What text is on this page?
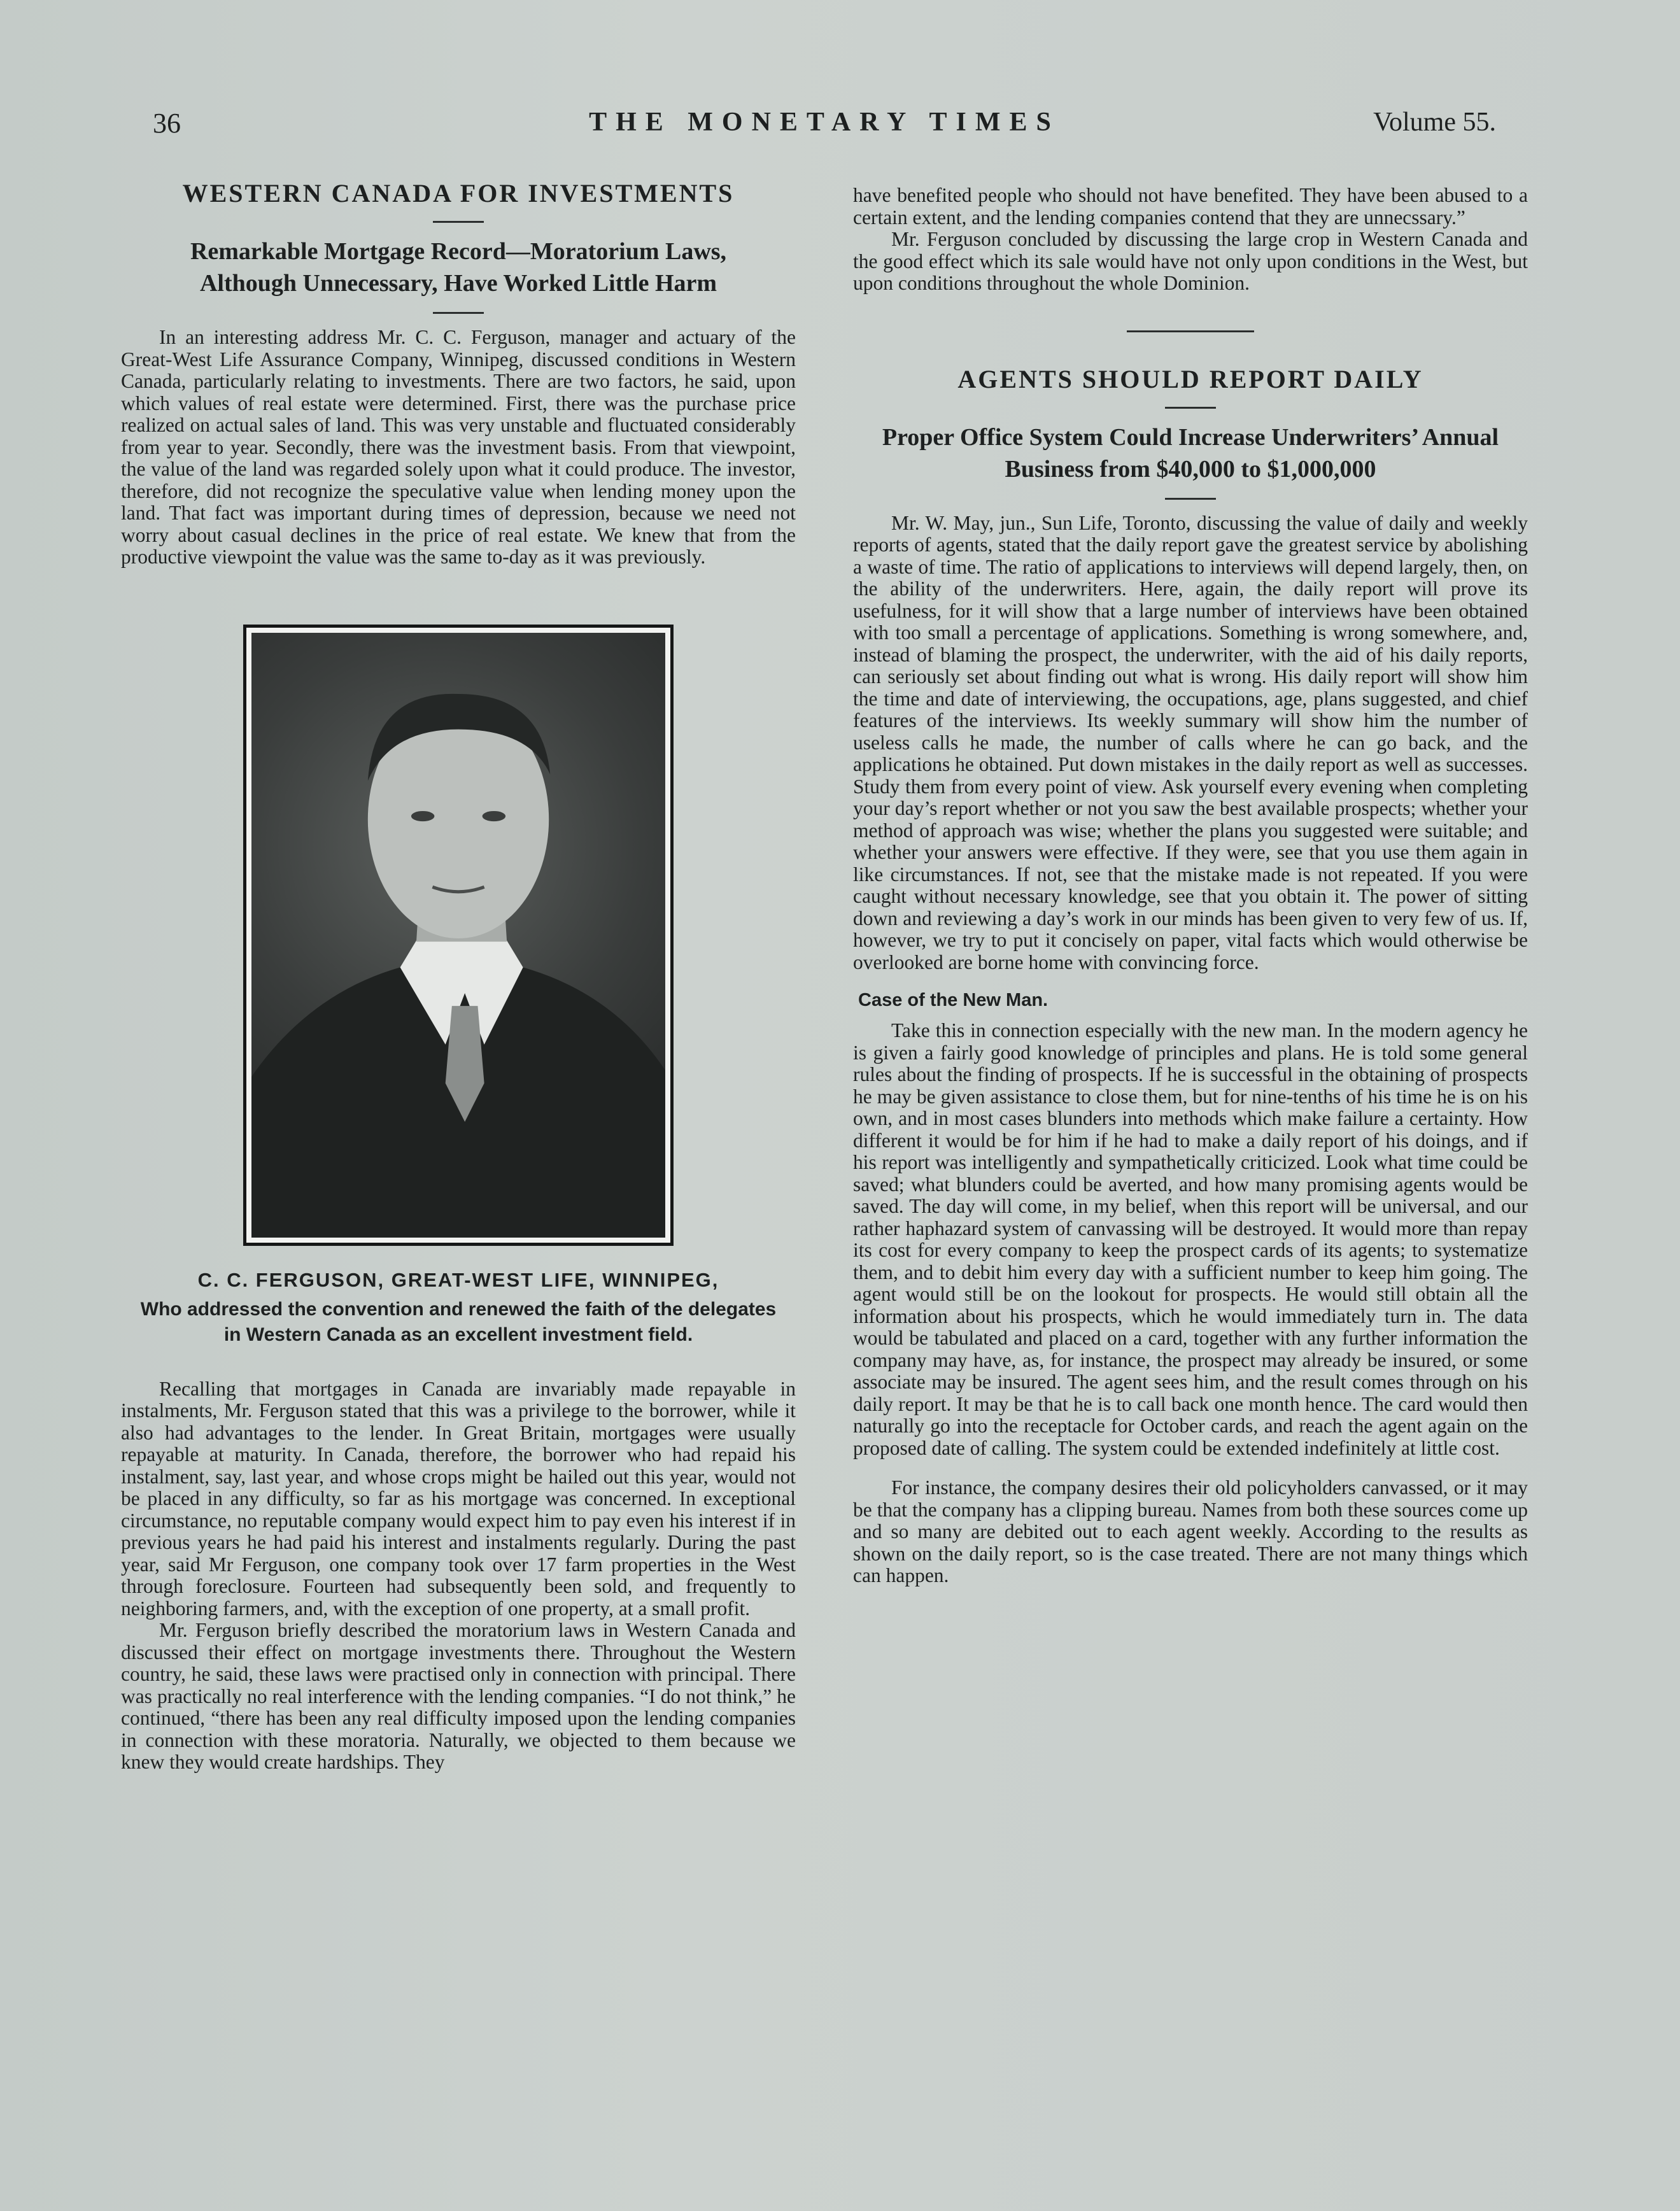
THE MONETARY TIMES
36	Volume 55.
WESTERN CANADA FOR INVESTMENTS
Remarkable Mortgage Record—Moratorium Laws, Although Unnecessary, Have Worked Little Harm

In an interesting address Mr. C. C. Ferguson, manager and actuary of the Great-West Life Assurance Company, Winnipeg, discussed conditions in Western Canada, particularly relating to investments. There are two factors, he said, upon which values of real estate were determined. First, there was the purchase price realized on actual sales of land. This was very unstable and fluctuated considerably from year to year. Secondly, there was the investment basis. From that viewpoint, the value of the land was regarded solely upon what it could produce. The investor, therefore, did not recognize the speculative value when lending money upon the land. That fact was important during times of depression, because we need not worry about casual declines in the price of real estate. We knew that from the productive viewpoint the value was the same to-day as it was previously.

C. C. FERGUSON, GREAT-WEST LIFE, WINNIPEG,
Who addressed the convention and renewed the faith of the delegates in Western Canada as an excellent investment field.

Recalling that mortgages in Canada are invariably made repayable in instalments, Mr. Ferguson stated that this was a privilege to the borrower, while it also had advantages to the lender. In Great Britain, mortgages were usually repayable at maturity. In Canada, therefore, the borrower who had repaid his instalment, say, last year, and whose crops might be hailed out this year, would not be placed in any difficulty, so far as his mortgage was concerned. In exceptional circumstance, no reputable company would expect him to pay even his interest if in previous years he had paid his interest and instalments regularly. During the past year, said Mr Ferguson, one company took over 17 farm properties in the West through foreclosure. Fourteen had subsequently been sold, and frequently to neighboring farmers, and, with the exception of one property, at a small profit.

Mr. Ferguson briefly described the moratorium laws in Western Canada and discussed their effect on mortgage investments there. Throughout the Western country, he said, these laws were practised only in connection with principal. There was practically no real interference with the lending companies. “I do not think,” he continued, “there has been any real difficulty imposed upon the lending companies in connection with these moratoria. Naturally, we objected to them because we knew they would create hardships. They

have benefited people who should not have benefited. They have been abused to a certain extent, and the lending companies contend that they are unnecssary.”

Mr. Ferguson concluded by discussing the large crop in Western Canada and the good effect which its sale would have not only upon conditions in the West, but upon conditions throughout the whole Dominion.

AGENTS SHOULD REPORT DAILY
Proper Office System Could Increase Underwriters’ Annual Business from $40,000 to $1,000,000

Mr. W. May, jun., Sun Life, Toronto, discussing the value of daily and weekly reports of agents, stated that the daily report gave the greatest service by abolishing a waste of time. The ratio of applications to interviews will depend largely, then, on the ability of the underwriters. Here, again, the daily report will prove its usefulness, for it will show that a large number of interviews have been obtained with too small a percentage of applications. Something is wrong somewhere, and, instead of blaming the prospect, the underwriter, with the aid of his daily reports, can seriously set about finding out what is wrong. His daily report will show him the time and date of interviewing, the occupations, age, plans suggested, and chief features of the interviews. Its weekly summary will show him the number of useless calls he made, the number of calls where he can go back, and the applications he obtained. Put down mistakes in the daily report as well as successes. Study them from every point of view. Ask yourself every evening when completing your day’s report whether or not you saw the best available prospects; whether your method of approach was wise; whether the plans you suggested were suitable; and whether your answers were effective. If they were, see that you use them again in like circumstances. If not, see that the mistake made is not repeated. If you were caught without necessary knowledge, see that you obtain it. The power of sitting down and reviewing a day’s work in our minds has been given to very few of us. If, however, we try to put it concisely on paper, vital facts which would otherwise be overlooked are borne home with convincing force.

Case of the New Man.

Take this in connection especially with the new man. In the modern agency he is given a fairly good knowledge of principles and plans. He is told some general rules about the finding of prospects. If he is successful in the obtaining of prospects he may be given assistance to close them, but for nine-tenths of his time he is on his own, and in most cases blunders into methods which make failure a certainty. How different it would be for him if he had to make a daily report of his doings, and if his report was intelligently and sympathetically criticized. Look what time could be saved; what blunders could be averted, and how many promising agents would be saved. The day will come, in my belief, when this report will be universal, and our rather haphazard system of canvassing will be destroyed. It would more than repay its cost for every company to keep the prospect cards of its agents; to systematize them, and to debit him every day with a sufficient number to keep him going. The agent would still be on the lookout for prospects. He would still obtain all the information about his prospects, which he would immediately turn in. The data would be tabulated and placed on a card, together with any further information the company may have, as, for instance, the prospect may already be insured, or some associate may be insured. The agent sees him, and the result comes through on his daily report. It may be that he is to call back one month hence. The card would then naturally go into the receptacle for October cards, and reach the agent again on the proposed date of calling. The system could be extended indefinitely at little cost.

For instance, the company desires their old policyholders canvassed, or it may be that the company has a clipping bureau. Names from both these sources come up and so many are debited out to each agent weekly. According to the results as shown on the daily report, so is the case treated. There are not many things which can happen.
